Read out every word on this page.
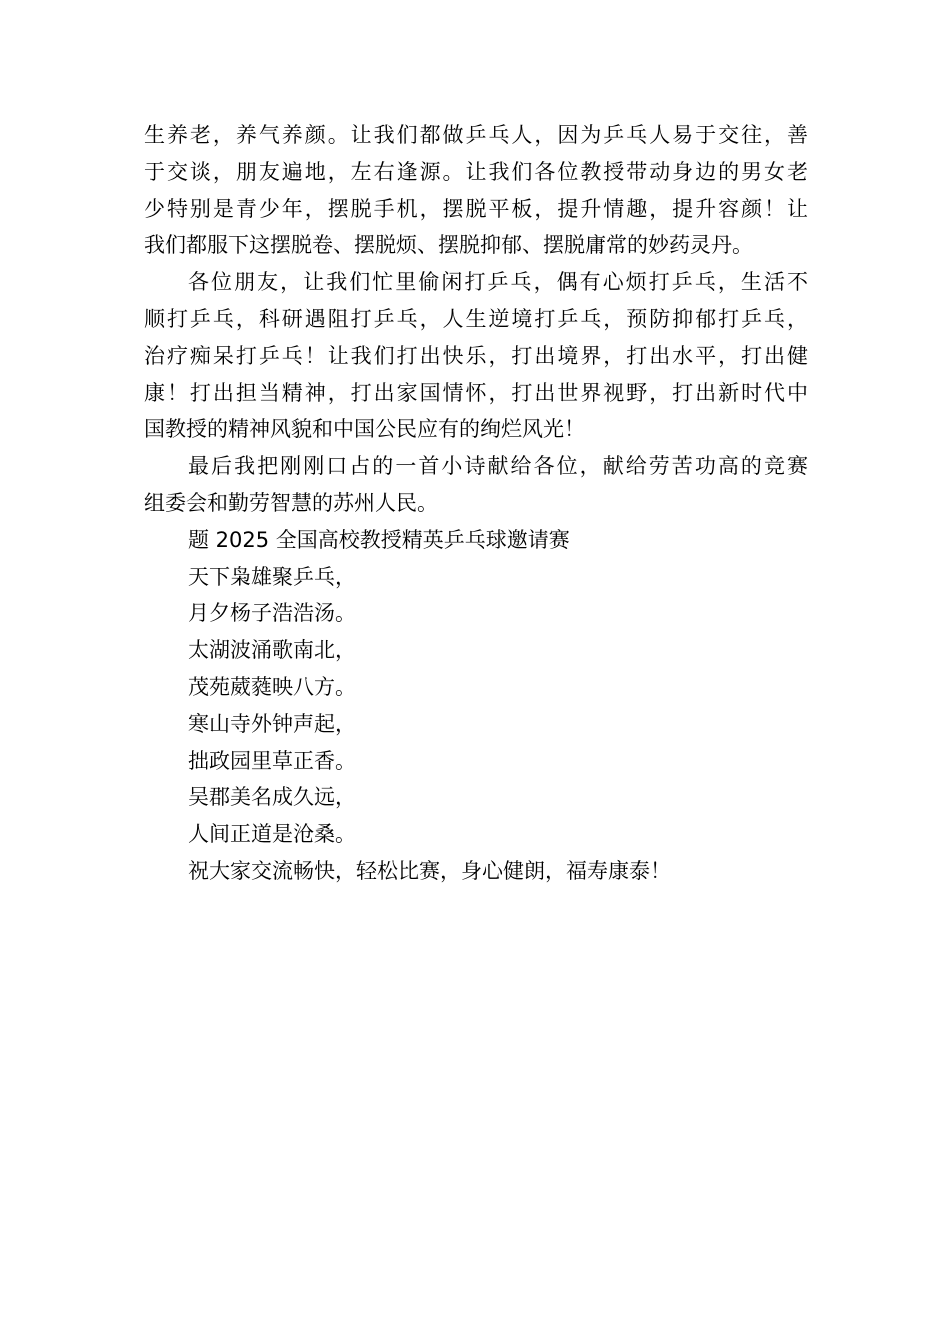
生养老，养气养颜。让我们都做乒乓人，因为乒乓人易于交往，善
于交谈，朋友遍地，左右逢源。让我们各位教授带动身边的男女老
少特别是青少年，摆脱手机，摆脱平板，提升情趣，提升容颜！让
我们都服下这摆脱卷、摆脱烦、摆脱抑郁、摆脱庸常的妙药灵丹。
各位朋友，让我们忙里偷闲打乒乓，偶有心烦打乒乓，生活不
顺打乒乓，科研遇阻打乒乓，人生逆境打乒乓，预防抑郁打乒乓，
治疗痴呆打乒乓！让我们打出快乐，打出境界，打出水平，打出健
康！打出担当精神，打出家国情怀，打出世界视野，打出新时代中
国教授的精神风貌和中国公民应有的绚烂风光！
最后我把刚刚口占的一首小诗献给各位，献给劳苦功高的竞赛
组委会和勤劳智慧的苏州人民。
题 2025 全国高校教授精英乒乓球邀请赛
天下枭雄聚乒乓，
月夕杨子浩浩汤。
太湖波涌歌南北，
茂苑葳蕤映八方。
寒山寺外钟声起，
拙政园里草正香。
吴郡美名成久远，
人间正道是沧桑。
祝大家交流畅快，轻松比赛，身心健朗，福寿康泰！
